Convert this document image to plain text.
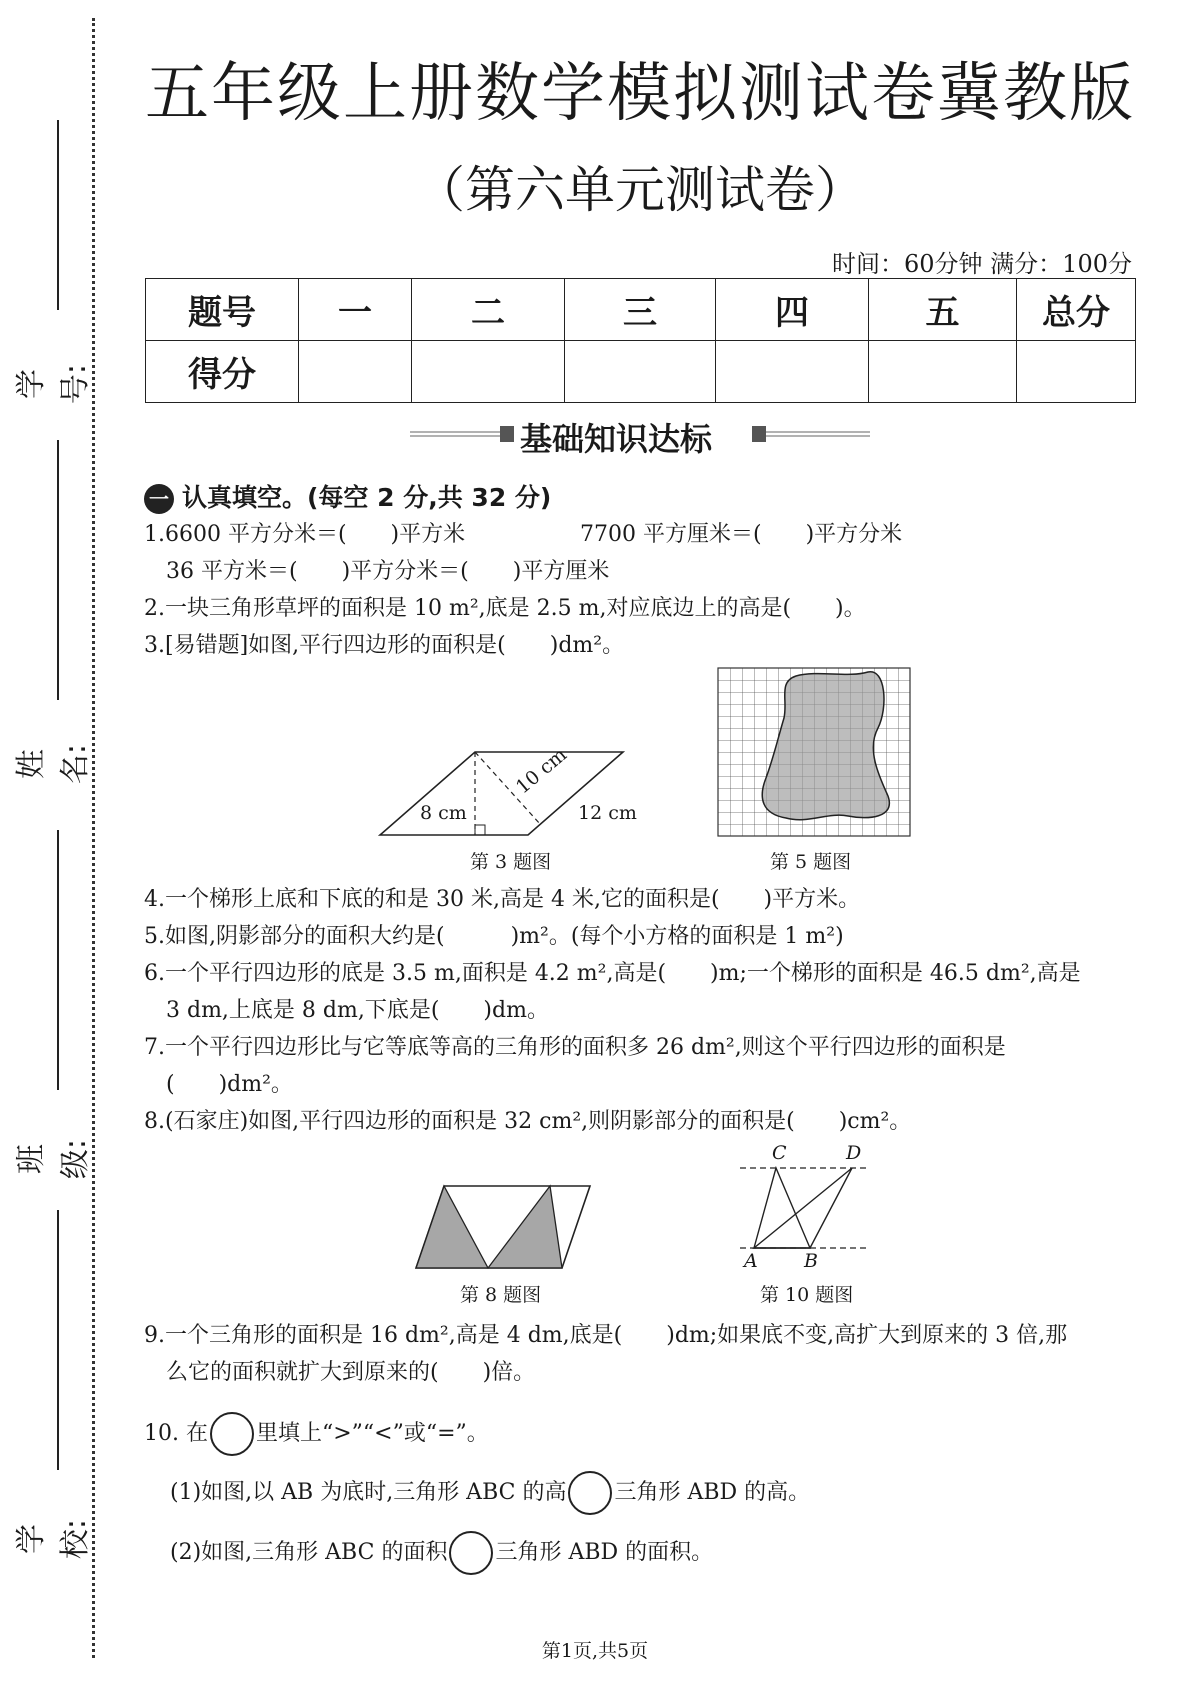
学号:
姓名:
班级:
学校:
五年级上册数学模拟测试卷冀教版
（第六单元测试卷）
时间：60分钟 满分：100分
题号	一	二	三	四	五	总分
得分						
基础知识达标
一 认真填空。(每空 2 分,共 32 分)
1.6600 平方分米＝(　　)平方米	7700 平方厘米＝(　　)平方分米
36 平方米＝(　　)平方分米＝(　　)平方厘米
2.一块三角形草坪的面积是 10 m²,底是 2.5 m,对应底边上的高是(　　)。
3.[易错题]如图,平行四边形的面积是(　　)dm²。
8 cm
10 cm
12 cm
第 3 题图	第 5 题图
4.一个梯形上底和下底的和是 30 米,高是 4 米,它的面积是(　　)平方米。
5.如图,阴影部分的面积大约是(　　　)m²。(每个小方格的面积是 1 m²)
6.一个平行四边形的底是 3.5 m,面积是 4.2 m²,高是(　　)m;一个梯形的面积是 46.5 dm²,高是
3 dm,上底是 8 dm,下底是(　　)dm。
7.一个平行四边形比与它等底等高的三角形的面积多 26 dm²,则这个平行四边形的面积是
(　　)dm²。
8.(石家庄)如图,平行四边形的面积是 32 cm²,则阴影部分的面积是(　　)cm²。
第 8 题图
C	D
A B
第 10 题图
9.一个三角形的面积是 16 dm²,高是 4 dm,底是(　　)dm;如果底不变,高扩大到原来的 3 倍,那
么它的面积就扩大到原来的(　　)倍。
10. 在 里填上“>”“<”或“=”。
(1)如图,以 AB 为底时,三角形 ABC 的高 三角形 ABD 的高。
(2)如图,三角形 ABC 的面积 三角形 ABD 的面积。
第1页,共5页
